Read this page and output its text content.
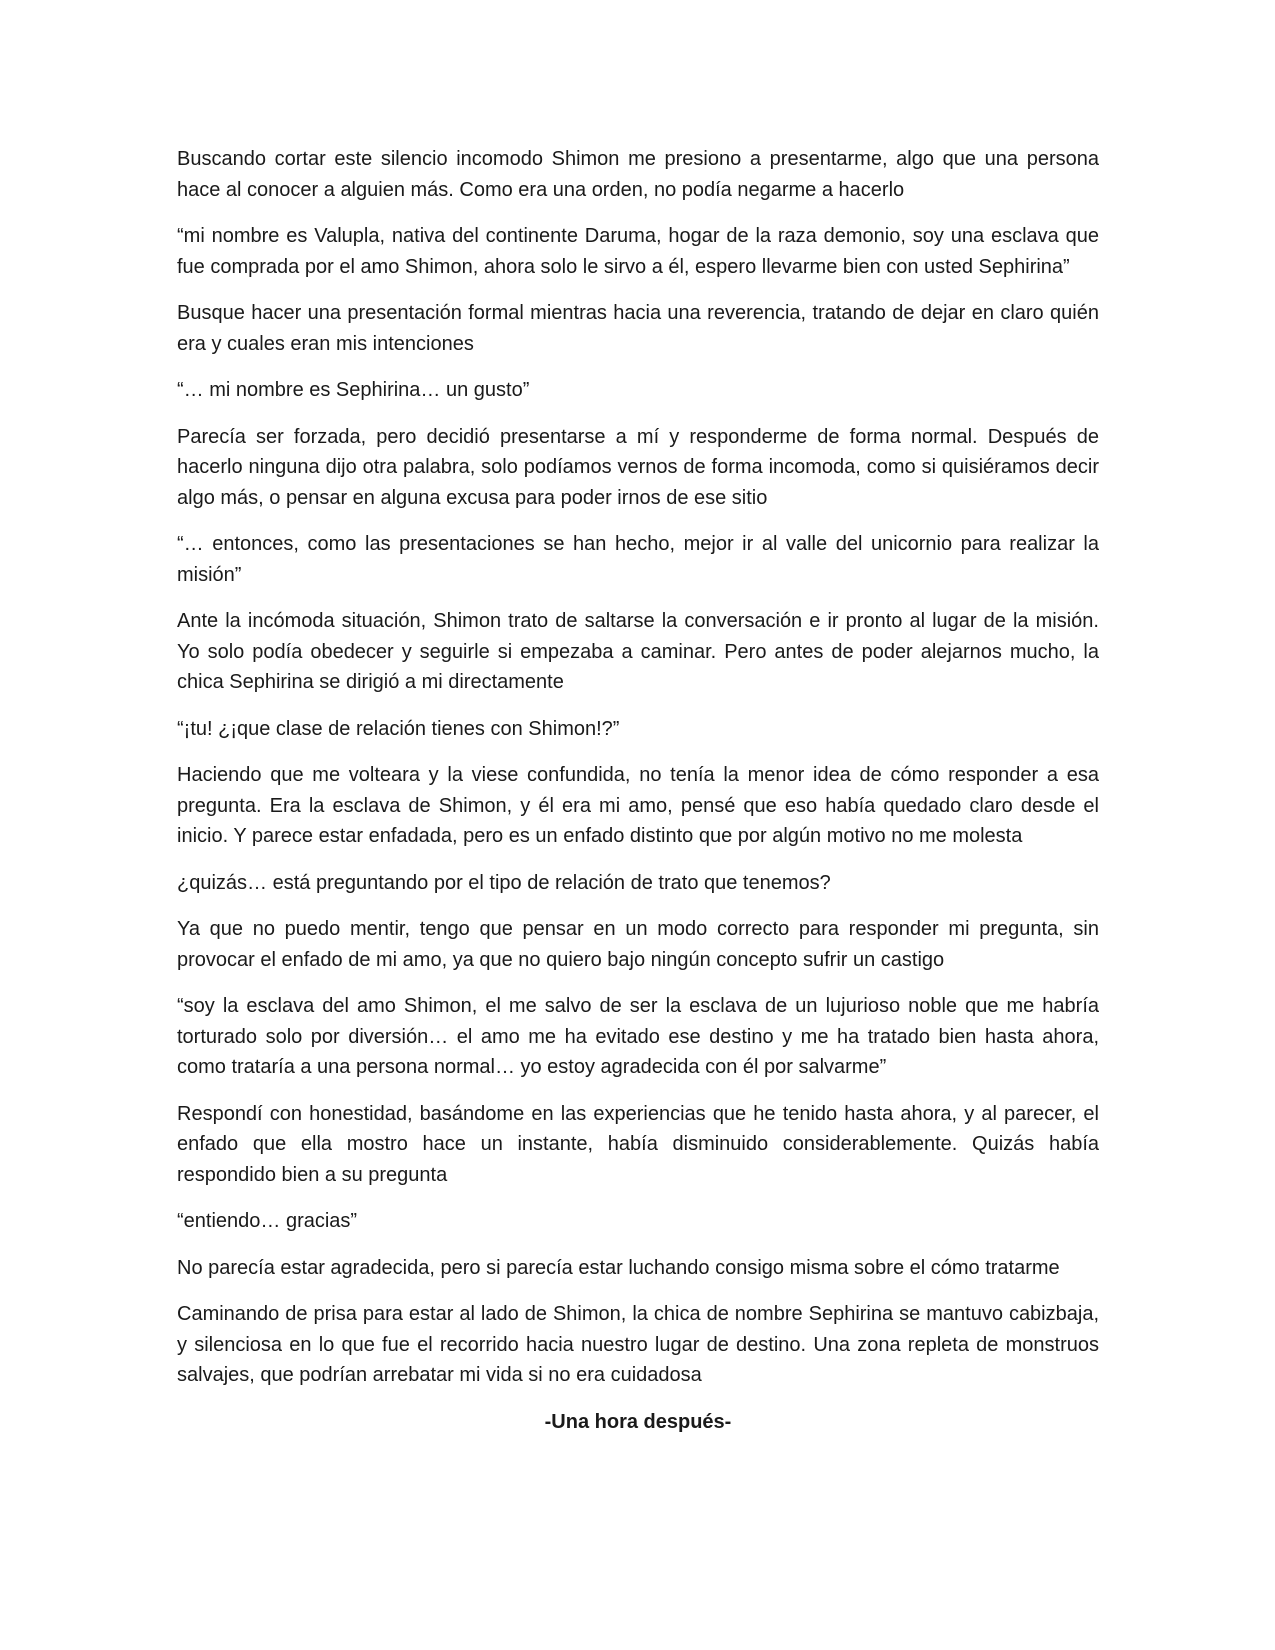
Buscando cortar este silencio incomodo Shimon me presiono a presentarme, algo que una persona hace al conocer a alguien más. Como era una orden, no podía negarme a hacerlo

“mi nombre es Valupla, nativa del continente Daruma, hogar de la raza demonio, soy una esclava que fue comprada por el amo Shimon, ahora solo le sirvo a él, espero llevarme bien con usted Sephirina”

Busque hacer una presentación formal mientras hacia una reverencia, tratando de dejar en claro quién era y cuales eran mis intenciones

“… mi nombre es Sephirina… un gusto”

Parecía ser forzada, pero decidió presentarse a mí y responderme de forma normal. Después de hacerlo ninguna dijo otra palabra, solo podíamos vernos de forma incomoda, como si quisiéramos decir algo más, o pensar en alguna excusa para poder irnos de ese sitio

“… entonces, como las presentaciones se han hecho, mejor ir al valle del unicornio para realizar la misión”

Ante la incómoda situación, Shimon trato de saltarse la conversación e ir pronto al lugar de la misión. Yo solo podía obedecer y seguirle si empezaba a caminar. Pero antes de poder alejarnos mucho, la chica Sephirina se dirigió a mi directamente

“¡tu! ¿¡que clase de relación tienes con Shimon!?”

Haciendo que me volteara y la viese confundida, no tenía la menor idea de cómo responder a esa pregunta. Era la esclava de Shimon, y él era mi amo, pensé que eso había quedado claro desde el inicio. Y parece estar enfadada, pero es un enfado distinto que por algún motivo no me molesta

¿quizás… está preguntando por el tipo de relación de trato que tenemos?

Ya que no puedo mentir, tengo que pensar en un modo correcto para responder mi pregunta, sin provocar el enfado de mi amo, ya que no quiero bajo ningún concepto sufrir un castigo

“soy la esclava del amo Shimon, el me salvo de ser la esclava de un lujurioso noble que me habría torturado solo por diversión… el amo me ha evitado ese destino y me ha tratado bien hasta ahora, como trataría a una persona normal… yo estoy agradecida con él por salvarme”

Respondí con honestidad, basándome en las experiencias que he tenido hasta ahora, y al parecer, el enfado que ella mostro hace un instante, había disminuido considerablemente. Quizás había respondido bien a su pregunta

“entiendo… gracias”

No parecía estar agradecida, pero si parecía estar luchando consigo misma sobre el cómo tratarme

Caminando de prisa para estar al lado de Shimon, la chica de nombre Sephirina se mantuvo cabizbaja, y silenciosa en lo que fue el recorrido hacia nuestro lugar de destino. Una zona repleta de monstruos salvajes, que podrían arrebatar mi vida si no era cuidadosa

-Una hora después-
